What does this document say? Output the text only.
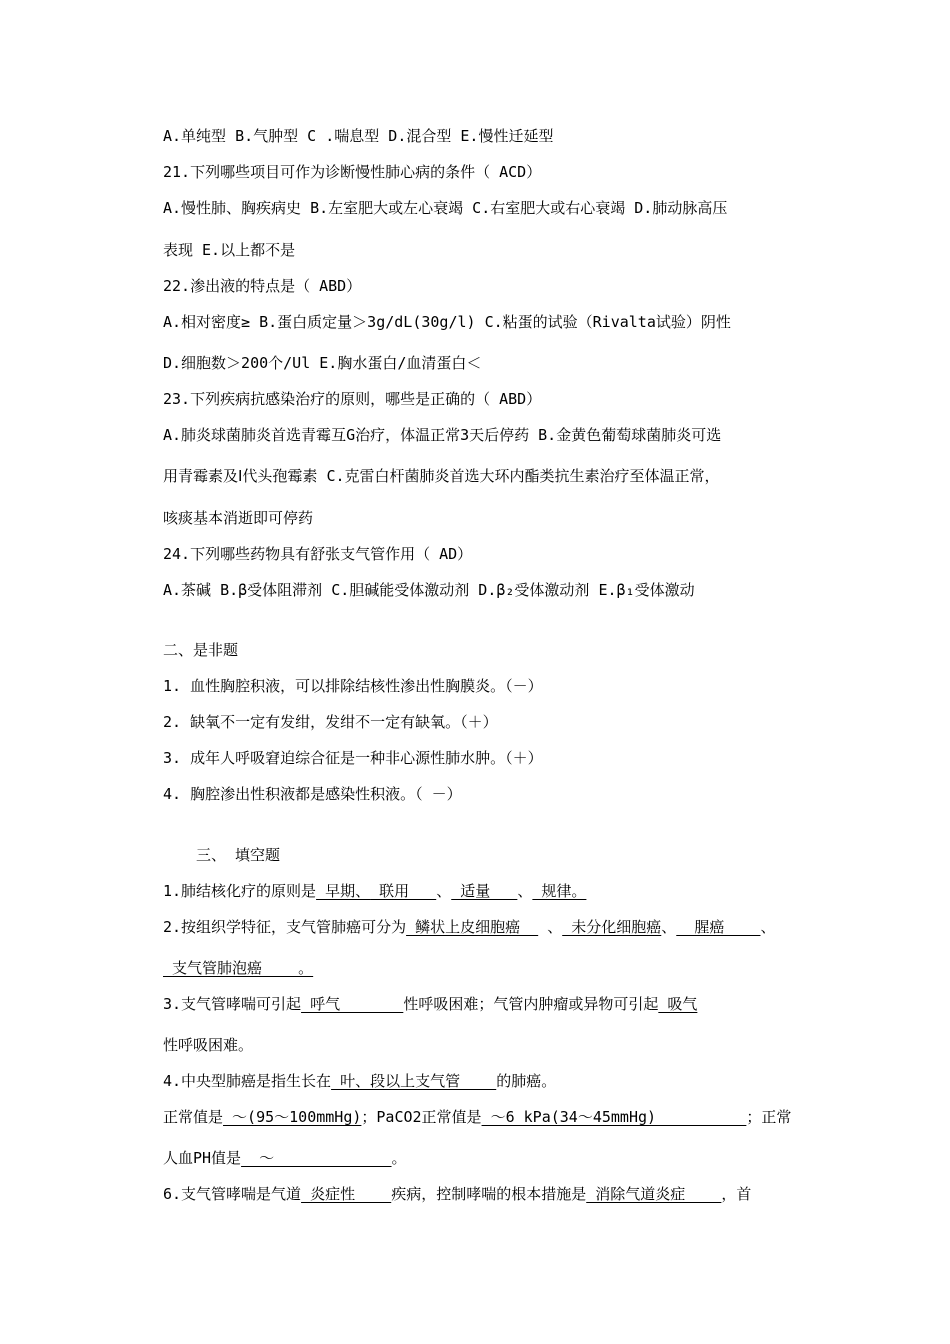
A.单纯型 B.气肿型 C .喘息型 D.混合型 E.慢性迁延型
21.下列哪些项目可作为诊断慢性肺心病的条件（ ACD）
A.慢性肺、胸疾病史 B.左室肥大或左心衰竭 C.右室肥大或右心衰竭 D.肺动脉高压
表现 E.以上都不是
22.渗出液的特点是（ ABD）
A.相对密度≥ B.蛋白质定量＞3g/dL(30g/l) C.粘蛋的试验（Rivalta试验）阴性
D.细胞数＞200个/Ul E.胸水蛋白/血清蛋白＜
23.下列疾病抗感染治疗的原则，哪些是正确的（ ABD）
A.肺炎球菌肺炎首选青霉互G治疗，体温正常3天后停药 B.金黄色葡萄球菌肺炎可选
用青霉素及Ⅰ代头孢霉素 C.克雷白杆菌肺炎首选大环内酯类抗生素治疗至体温正常，
咳痰基本消逝即可停药
24.下列哪些药物具有舒张支气管作用（ AD）
A.茶碱 B.β受体阻滞剂 C.胆碱能受体激动剂 D.β₂受体激动剂 E.β₁受体激动
二、是非题
1. 血性胸腔积液，可以排除结核性渗出性胸膜炎。（－）
2. 缺氧不一定有发绀，发绀不一定有缺氧。（＋）
3. 成年人呼吸窘迫综合征是一种非心源性肺水肿。（＋）
4. 胸腔渗出性积液都是感染性积液。（ －）
三、 填空题
1.肺结核化疗的原则是 早期、 联用   、 适量   、 规律。
2.按组织学特征，支气管肺癌可分为 鳞状上皮细胞癌   、 未分化细胞癌、  腥癌    、
支气管肺泡癌    。
3.支气管哮喘可引起 呼气       性呼吸困难；气管内肿瘤或异物可引起 吸气
性呼吸困难。
4.中央型肺癌是指生长在 叶、段以上支气管    的肺癌。
正常值是 ～(95～100mmHg)；PaCO2正常值是 ～6 kPa(34～45mmHg)          ；正常
人血PH值是  ～             。
6.支气管哮喘是气道 炎症性    疾病，控制哮喘的根本措施是 消除气道炎症    ，首
